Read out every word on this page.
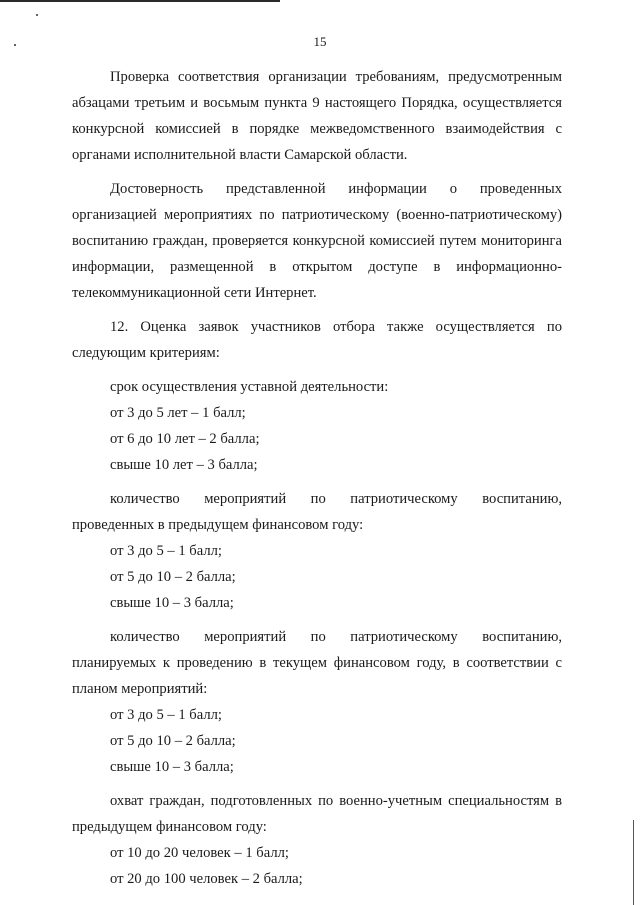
15

Проверка соответствия организации требованиям, предусмотренным абзацами третьим и восьмым пункта 9 настоящего Порядка, осуществляется конкурсной комиссией в порядке межведомственного взаимодействия с органами исполнительной власти Самарской области.

Достоверность представленной информации о проведенных организацией мероприятиях по патриотическому (военно-патриотическому) воспитанию граждан, проверяется конкурсной комиссией путем мониторинга информации, размещенной в открытом доступе в информационно-телекоммуникационной сети Интернет.

12. Оценка заявок участников отбора также осуществляется по следующим критериям:

срок осуществления уставной деятельности:

от 3 до 5 лет – 1 балл;

от 6 до 10 лет – 2 балла;

свыше 10 лет – 3 балла;

количество мероприятий по патриотическому воспитанию, проведенных в предыдущем финансовом году:

от 3 до 5 – 1 балл;

от 5 до 10 – 2 балла;

свыше 10 – 3 балла;

количество мероприятий по патриотическому воспитанию, планируемых к проведению в текущем финансовом году, в соответствии с планом мероприятий:

от 3 до 5 – 1 балл;

от 5 до 10 – 2 балла;

свыше 10 – 3 балла;

охват граждан, подготовленных по военно-учетным специальностям в предыдущем финансовом году:

от 10 до 20 человек – 1 балл;

от 20 до 100 человек – 2 балла;
